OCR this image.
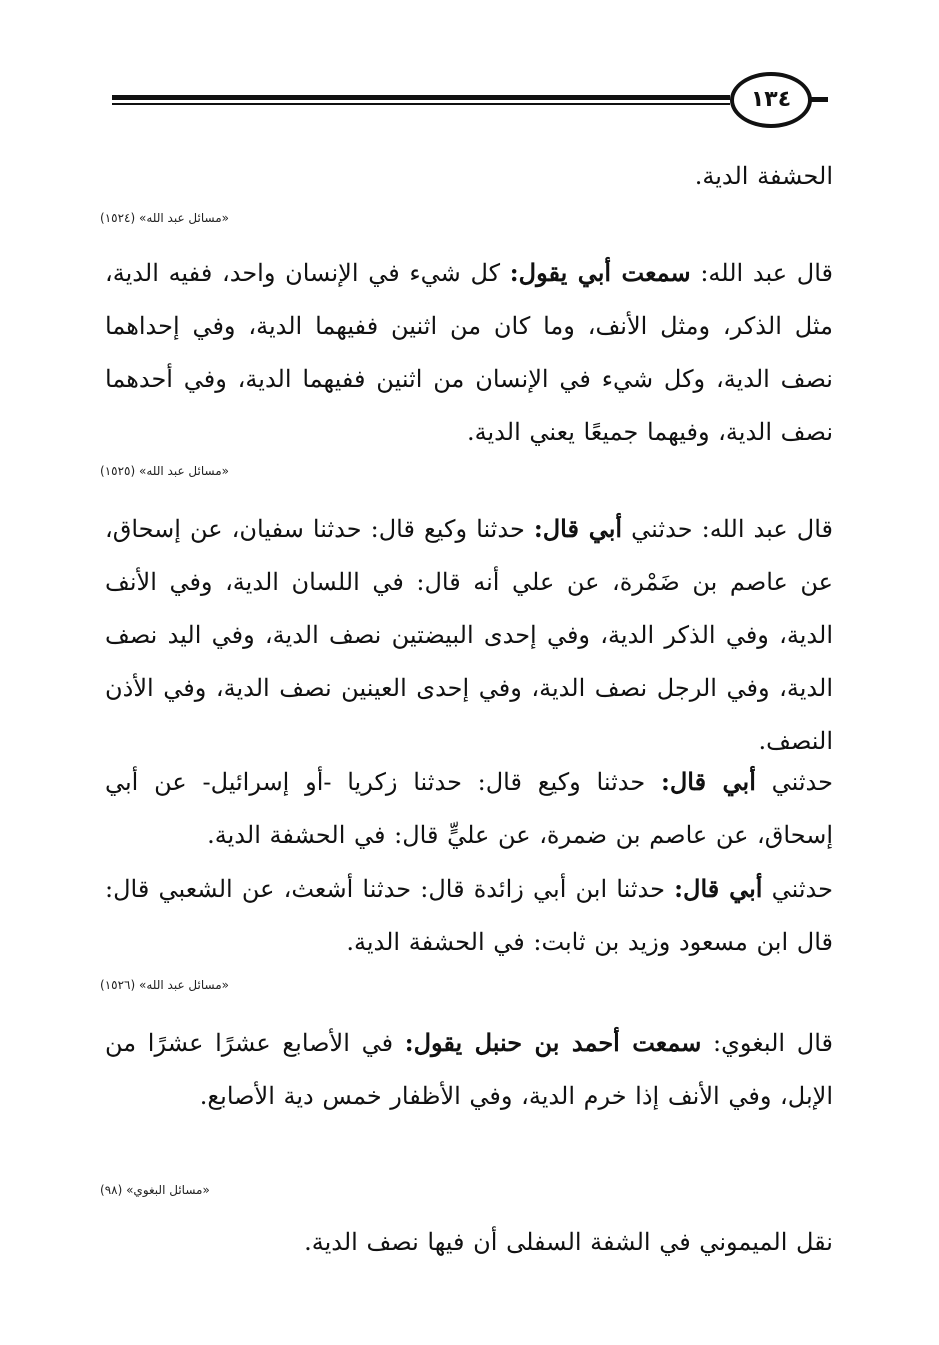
١٣٤
الحشفة الدية.
(١٥٢٤) «مسائل عبد الله»
قال عبد الله: سمعت أبي يقول: كل شيء في الإنسان واحد، ففيه الدية، مثل الذكر، ومثل الأنف، وما كان من اثنين ففيهما الدية، وفي إحداهما نصف الدية، وكل شيء في الإنسان من اثنين ففيهما الدية، وفي أحدهما نصف الدية، وفيهما جميعًا يعني الدية.
(١٥٢٥) «مسائل عبد الله»
قال عبد الله: حدثني أبي قال: حدثنا وكيع قال: حدثنا سفيان، عن إسحاق، عن عاصم بن ضَمْرة، عن علي أنه قال: في اللسان الدية، وفي الأنف الدية، وفي الذكر الدية، وفي إحدى البيضتين نصف الدية، وفي اليد نصف الدية، وفي الرجل نصف الدية، وفي إحدى العينين نصف الدية، وفي الأذن النصف.
حدثني أبي قال: حدثنا وكيع قال: حدثنا زكريا -أو إسرائيل- عن أبي إسحاق، عن عاصم بن ضمرة، عن عليٍّ قال: في الحشفة الدية.
حدثني أبي قال: حدثنا ابن أبي زائدة قال: حدثنا أشعث، عن الشعبي قال: قال ابن مسعود وزيد بن ثابت: في الحشفة الدية.
(١٥٢٦) «مسائل عبد الله»
قال البغوي: سمعت أحمد بن حنبل يقول: في الأصابع عشرًا عشرًا من الإبل، وفي الأنف إذا خرم الدية، وفي الأظفار خمس دية الأصابع.
(٩٨) «مسائل البغوي»
نقل الميموني في الشفة السفلى أن فيها نصف الدية.
